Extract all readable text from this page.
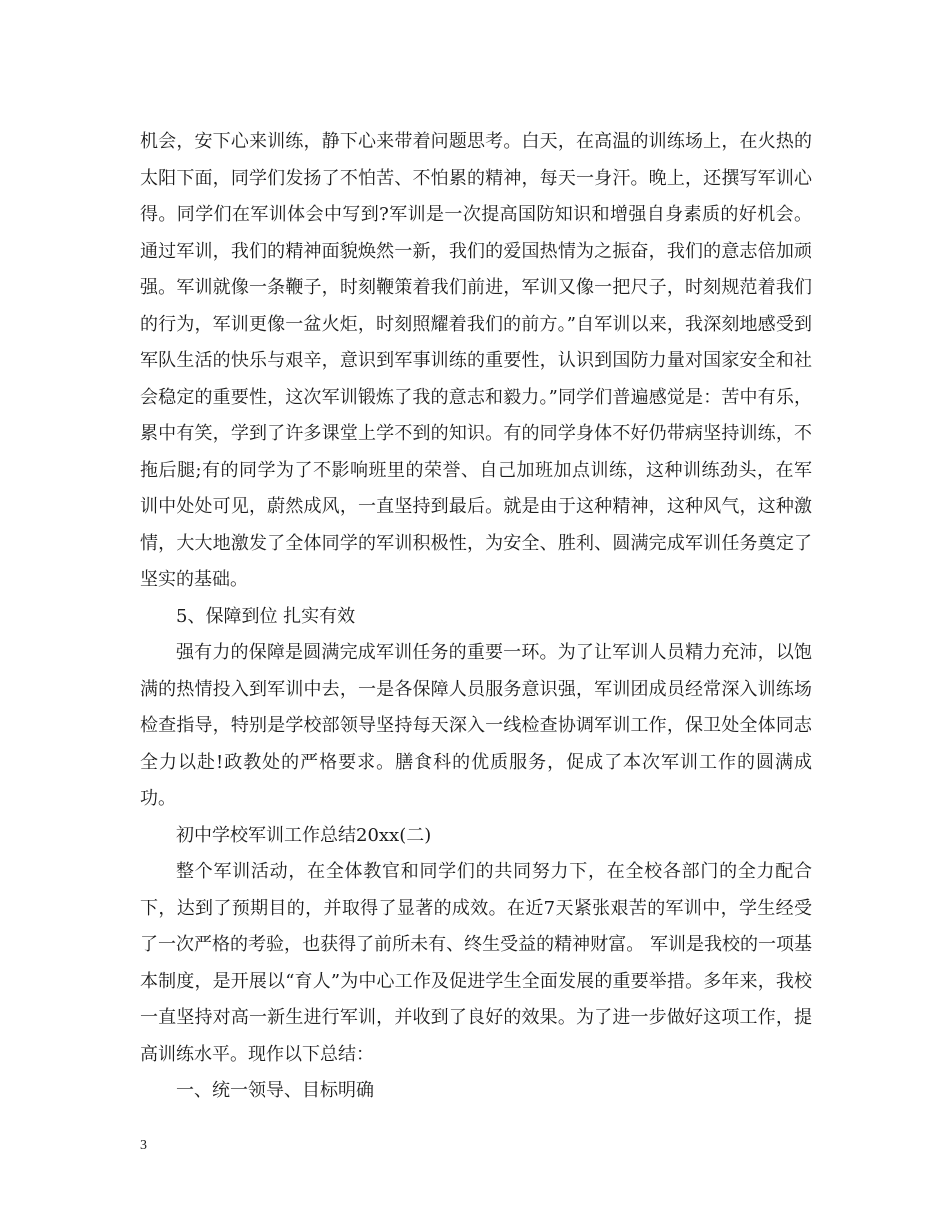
机会，安下心来训练，静下心来带着问题思考。白天，在高温的训练场上，在火热的太阳下面，同学们发扬了不怕苦、不怕累的精神，每天一身汗。晚上，还撰写军训心得。同学们在军训体会中写到?军训是一次提高国防知识和增强自身素质的好机会。通过军训，我们的精神面貌焕然一新，我们的爱国热情为之振奋，我们的意志倍加顽强。军训就像一条鞭子，时刻鞭策着我们前进，军训又像一把尺子，时刻规范着我们的行为，军训更像一盆火炬，时刻照耀着我们的前方。”自军训以来，我深刻地感受到军队生活的快乐与艰辛，意识到军事训练的重要性，认识到国防力量对国家安全和社会稳定的重要性，这次军训锻炼了我的意志和毅力。”同学们普遍感觉是：苦中有乐，累中有笑，学到了许多课堂上学不到的知识。有的同学身体不好仍带病坚持训练，不拖后腿;有的同学为了不影响班里的荣誉、自己加班加点训练，这种训练劲头，在军训中处处可见，蔚然成风，一直坚持到最后。就是由于这种精神，这种风气，这种激情，大大地激发了全体同学的军训积极性，为安全、胜利、圆满完成军训任务奠定了坚实的基础。

5、保障到位 扎实有效

强有力的保障是圆满完成军训任务的重要一环。为了让军训人员精力充沛，以饱满的热情投入到军训中去，一是各保障人员服务意识强，军训团成员经常深入训练场检查指导，特别是学校部领导坚持每天深入一线检查协调军训工作，保卫处全体同志全力以赴!政教处的严格要求。膳食科的优质服务，促成了本次军训工作的圆满成功。

初中学校军训工作总结20xx(二)

整个军训活动，在全体教官和同学们的共同努力下，在全校各部门的全力配合下，达到了预期目的，并取得了显著的成效。在近7天紧张艰苦的军训中，学生经受了一次严格的考验，也获得了前所未有、终生受益的精神财富。 军训是我校的一项基本制度，是开展以“育人”为中心工作及促进学生全面发展的重要举措。多年来，我校一直坚持对高一新生进行军训，并收到了良好的效果。为了进一步做好这项工作，提高训练水平。现作以下总结：

一、统一领导、目标明确

3
